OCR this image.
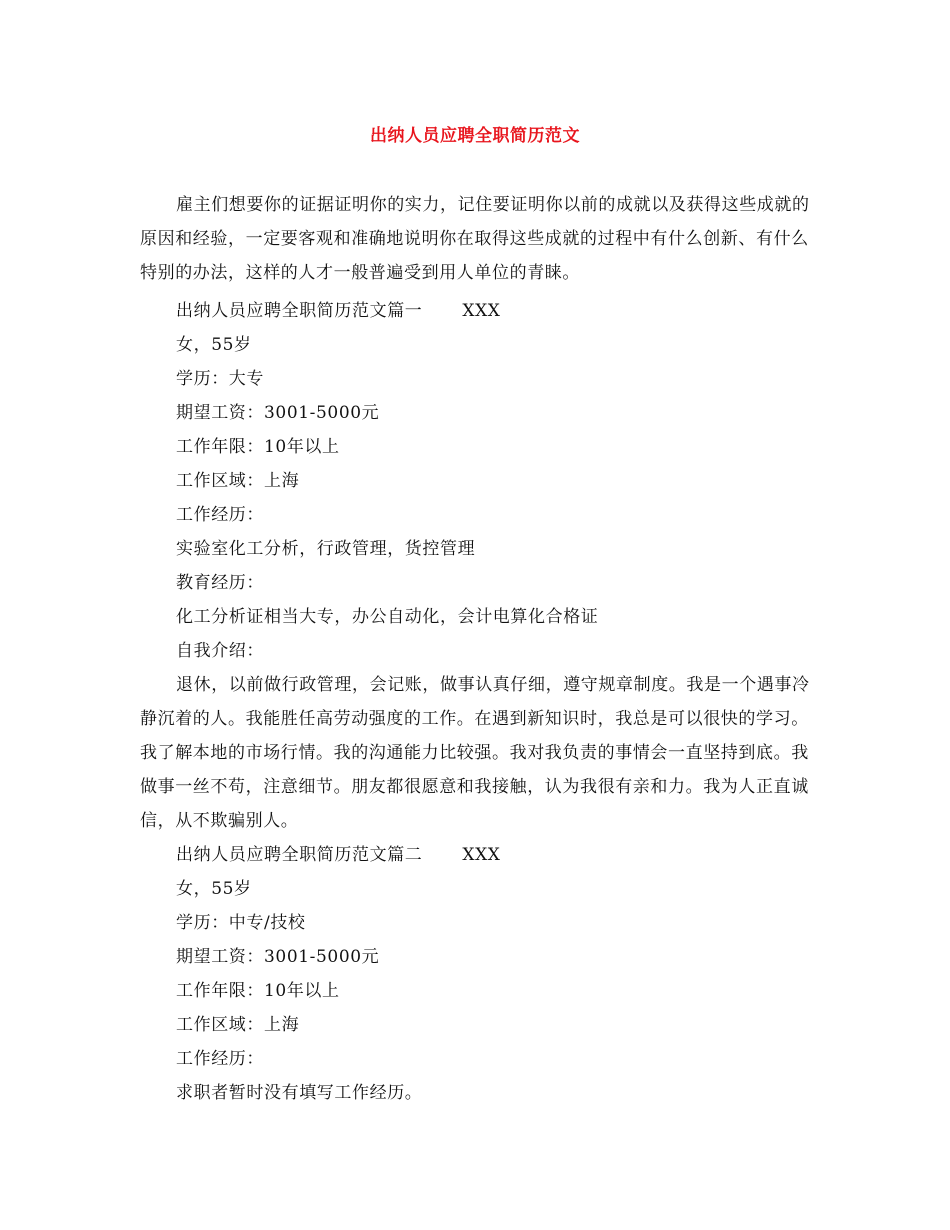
出纳人员应聘全职简历范文
雇主们想要你的证据证明你的实力，记住要证明你以前的成就以及获得这些成就的原因和经验，一定要客观和准确地说明你在取得这些成就的过程中有什么创新、有什么特别的办法，这样的人才一般普遍受到用人单位的青睐。
出纳人员应聘全职简历范文篇一 XXX
女，55岁
学历：大专
期望工资：3001-5000元
工作年限：10年以上
工作区域：上海
工作经历：
实验室化工分析，行政管理，货控管理
教育经历：
化工分析证相当大专，办公自动化，会计电算化合格证
自我介绍：
退休，以前做行政管理，会记账，做事认真仔细，遵守规章制度。我是一个遇事冷静沉着的人。我能胜任高劳动强度的工作。在遇到新知识时，我总是可以很快的学习。我了解本地的市场行情。我的沟通能力比较强。我对我负责的事情会一直坚持到底。我做事一丝不苟，注意细节。朋友都很愿意和我接触，认为我很有亲和力。我为人正直诚信，从不欺骗别人。
出纳人员应聘全职简历范文篇二 XXX
女，55岁
学历：中专/技校
期望工资：3001-5000元
工作年限：10年以上
工作区域：上海
工作经历：
求职者暂时没有填写工作经历。
